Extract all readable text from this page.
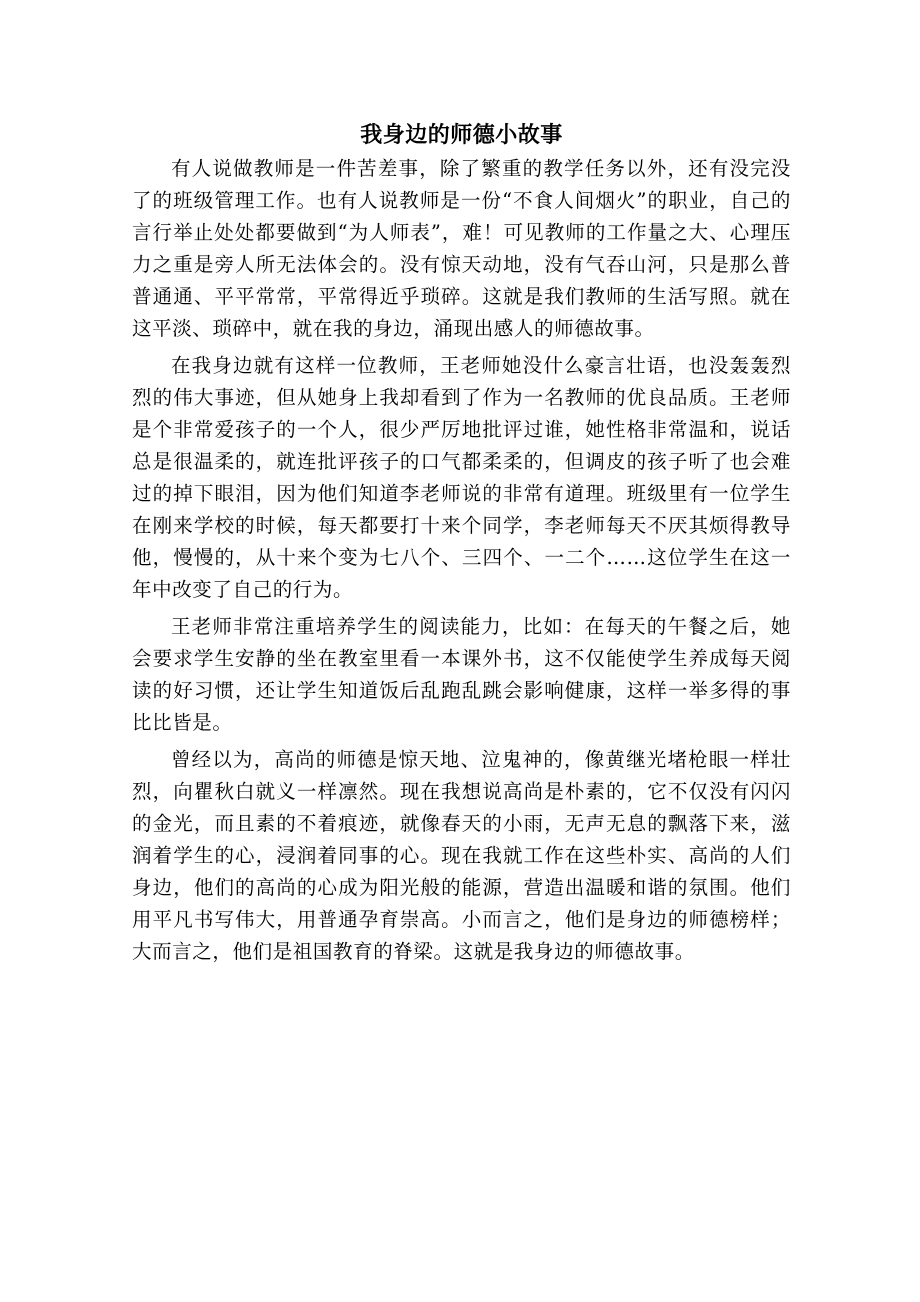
我身边的师德小故事

有人说做教师是一件苦差事，除了繁重的教学任务以外，还有没完没了的班级管理工作。也有人说教师是一份“不食人间烟火”的职业，自己的言行举止处处都要做到“为人师表”，难！可见教师的工作量之大、心理压力之重是旁人所无法体会的。没有惊天动地，没有气吞山河，只是那么普普通通、平平常常，平常得近乎琐碎。这就是我们教师的生活写照。就在这平淡、琐碎中，就在我的身边，涌现出感人的师德故事。

在我身边就有这样一位教师，王老师她没什么豪言壮语，也没轰轰烈烈的伟大事迹，但从她身上我却看到了作为一名教师的优良品质。王老师是个非常爱孩子的一个人，很少严厉地批评过谁，她性格非常温和，说话总是很温柔的，就连批评孩子的口气都柔柔的，但调皮的孩子听了也会难过的掉下眼泪，因为他们知道李老师说的非常有道理。班级里有一位学生在刚来学校的时候，每天都要打十来个同学，李老师每天不厌其烦得教导他，慢慢的，从十来个变为七八个、三四个、一二个……这位学生在这一年中改变了自己的行为。

王老师非常注重培养学生的阅读能力，比如：在每天的午餐之后，她会要求学生安静的坐在教室里看一本课外书，这不仅能使学生养成每天阅读的好习惯，还让学生知道饭后乱跑乱跳会影响健康，这样一举多得的事比比皆是。

曾经以为，高尚的师德是惊天地、泣鬼神的，像黄继光堵枪眼一样壮烈，向瞿秋白就义一样凛然。现在我想说高尚是朴素的，它不仅没有闪闪的金光，而且素的不着痕迹，就像春天的小雨，无声无息的飘落下来，滋润着学生的心，浸润着同事的心。现在我就工作在这些朴实、高尚的人们身边，他们的高尚的心成为阳光般的能源，营造出温暖和谐的氛围。他们用平凡书写伟大，用普通孕育崇高。小而言之，他们是身边的师德榜样；大而言之，他们是祖国教育的脊梁。这就是我身边的师德故事。
